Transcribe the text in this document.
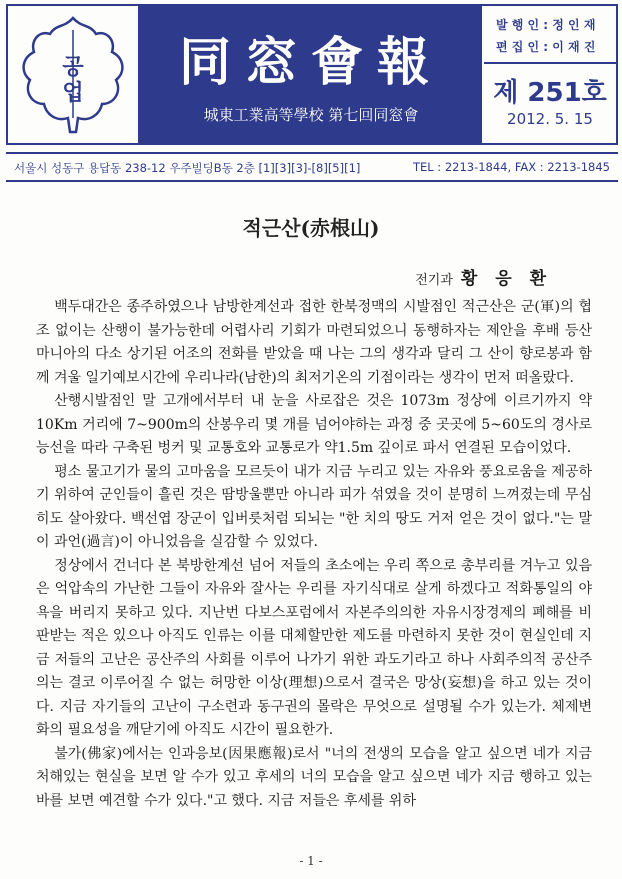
공
업
同窓會報
城東工業高等學校 第七回同窓會
발 행 인 : 정 인 재
편 집 인 : 이 재 진
제 251호
2012. 5. 15
서울시 성동구 용답동 238-12 우주빌딩B동 2층 [1][3][3]-[8][5][1]	TEL : 2213-1844, FAX : 2213-1845
적근산(赤根山)
전기과 황 응 환

백두대간은 종주하였으나 남방한계선과 접한 한북정맥의 시발점인 적근산은 군(軍)의 협조 없이는 산행이 불가능한데 어렵사리 기회가 마련되었으니 동행하자는 제안을 후배 등산마니아의 다소 상기된 어조의 전화를 받았을 때 나는 그의 생각과 달리 그 산이 향로봉과 함께 겨울 일기예보시간에 우리나라(남한)의 최저기온의 기점이라는 생각이 먼저 떠올랐다.

산행시발점인 말 고개에서부터 내 눈을 사로잡은 것은 1073m 정상에 이르기까지 약10Km 거리에 7~900m의 산봉우리 몇 개를 넘어야하는 과정 중 곳곳에 5~60도의 경사로 능선을 따라 구축된 벙커 및 교통호와 교통로가 약1.5m 깊이로 파서 연결된 모습이었다.

평소 물고기가 물의 고마움을 모르듯이 내가 지금 누리고 있는 자유와 풍요로움을 제공하기 위하여 군인들이 흘린 것은 땀방울뿐만 아니라 피가 섞였을 것이 분명히 느껴졌는데 무심히도 살아왔다. 백선엽 장군이 입버릇처럼 되뇌는 "한 치의 땅도 거저 얻은 것이 없다."는 말이 과언(過言)이 아니었음을 실감할 수 있었다.

정상에서 건너다 본 북방한계선 넘어 저들의 초소에는 우리 쪽으로 총부리를 겨누고 있음은 억압속의 가난한 그들이 자유와 잘사는 우리를 자기식대로 살게 하겠다고 적화통일의 야욕을 버리지 못하고 있다. 지난번 다보스포럼에서 자본주의의한 자유시장경제의 폐해를 비판받는 적은 있으나 아직도 인류는 이를 대체할만한 제도를 마련하지 못한 것이 현실인데 지금 저들의 고난은 공산주의 사회를 이루어 나가기 위한 과도기라고 하나 사회주의적 공산주의는 결코 이루어질 수 없는 허망한 이상(理想)으로서 결국은 망상(妄想)을 하고 있는 것이다. 지금 자기들의 고난이 구소련과 동구권의 몰락은 무엇으로 설명될 수가 있는가. 체제변화의 필요성을 깨닫기에 아직도 시간이 필요한가.

불가(佛家)에서는 인과응보(因果應報)로서 "너의 전생의 모습을 알고 싶으면 네가 지금 처해있는 현실을 보면 알 수가 있고 후세의 너의 모습을 알고 싶으면 네가 지금 행하고 있는 바를 보면 예견할 수가 있다."고 했다. 지금 저들은 후세를 위하

- 1 -
